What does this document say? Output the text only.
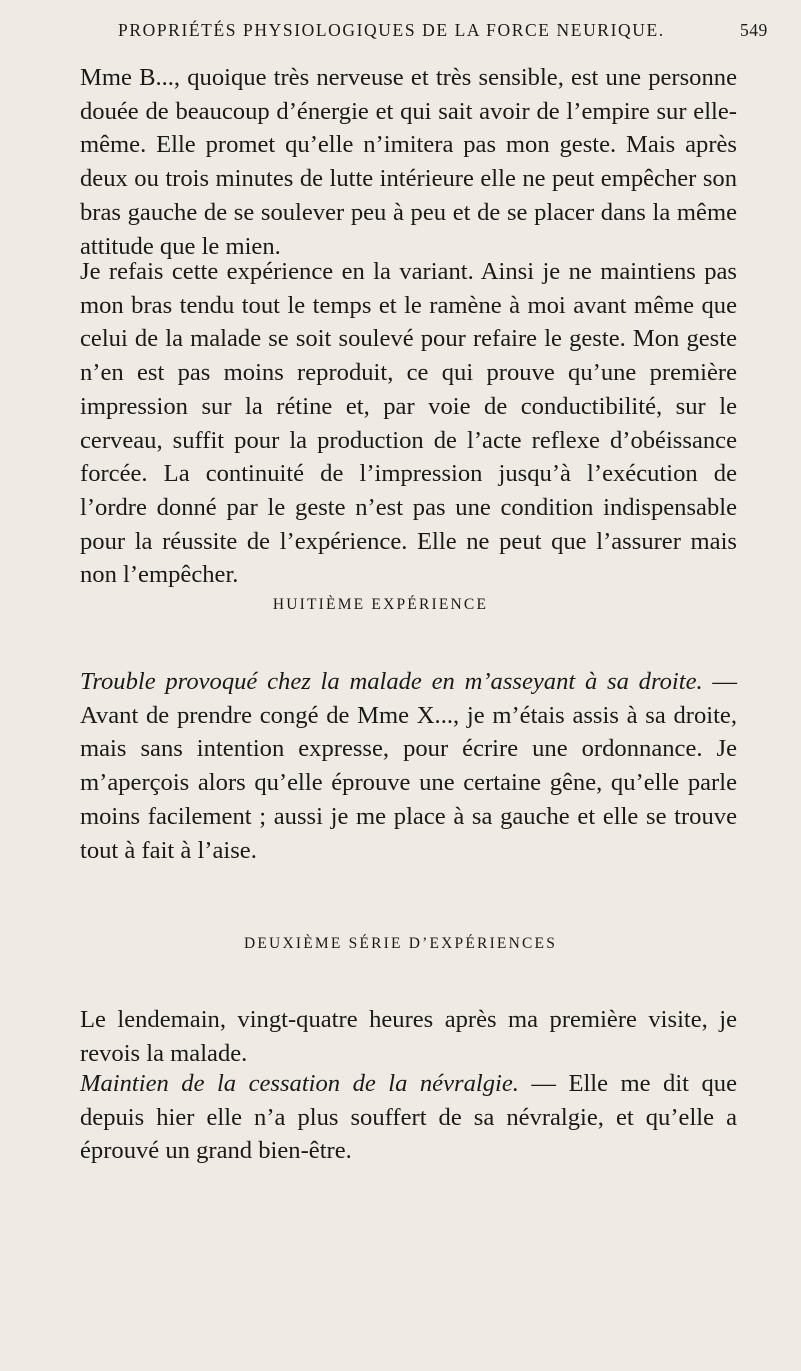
PROPRIÉTÉS PHYSIOLOGIQUES DE LA FORCE NEURIQUE.	549

Mme B..., quoique très nerveuse et très sensible, est une personne douée de beaucoup d’énergie et qui sait avoir de l’empire sur elle-même. Elle promet qu’elle n’imitera pas mon geste. Mais après deux ou trois minutes de lutte intérieure elle ne peut empêcher son bras gauche de se soulever peu à peu et de se placer dans la même attitude que le mien.

Je refais cette expérience en la variant. Ainsi je ne maintiens pas mon bras tendu tout le temps et le ramène à moi avant même que celui de la malade se soit soulevé pour refaire le geste. Mon geste n’en est pas moins reproduit, ce qui prouve qu’une première impression sur la rétine et, par voie de conductibilité, sur le cerveau, suffit pour la production de l’acte reflexe d’obéissance forcée. La continuité de l’impression jusqu’à l’exécution de l’ordre donné par le geste n’est pas une condition indispensable pour la réussite de l’expérience. Elle ne peut que l’assurer mais non l’empêcher.

HUITIÈME EXPÉRIENCE

Trouble provoqué chez la malade en m’asseyant à sa droite. — Avant de prendre congé de Mme X..., je m’étais assis à sa droite, mais sans intention expresse, pour écrire une ordonnance. Je m’aperçois alors qu’elle éprouve une certaine gêne, qu’elle parle moins facilement ; aussi je me place à sa gauche et elle se trouve tout à fait à l’aise.

DEUXIÈME SÉRIE D’EXPÉRIENCES

Le lendemain, vingt-quatre heures après ma première visite, je revois la malade.

Maintien de la cessation de la névralgie. — Elle me dit que depuis hier elle n’a plus souffert de sa névralgie, et qu’elle a éprouvé un grand bien-être.
